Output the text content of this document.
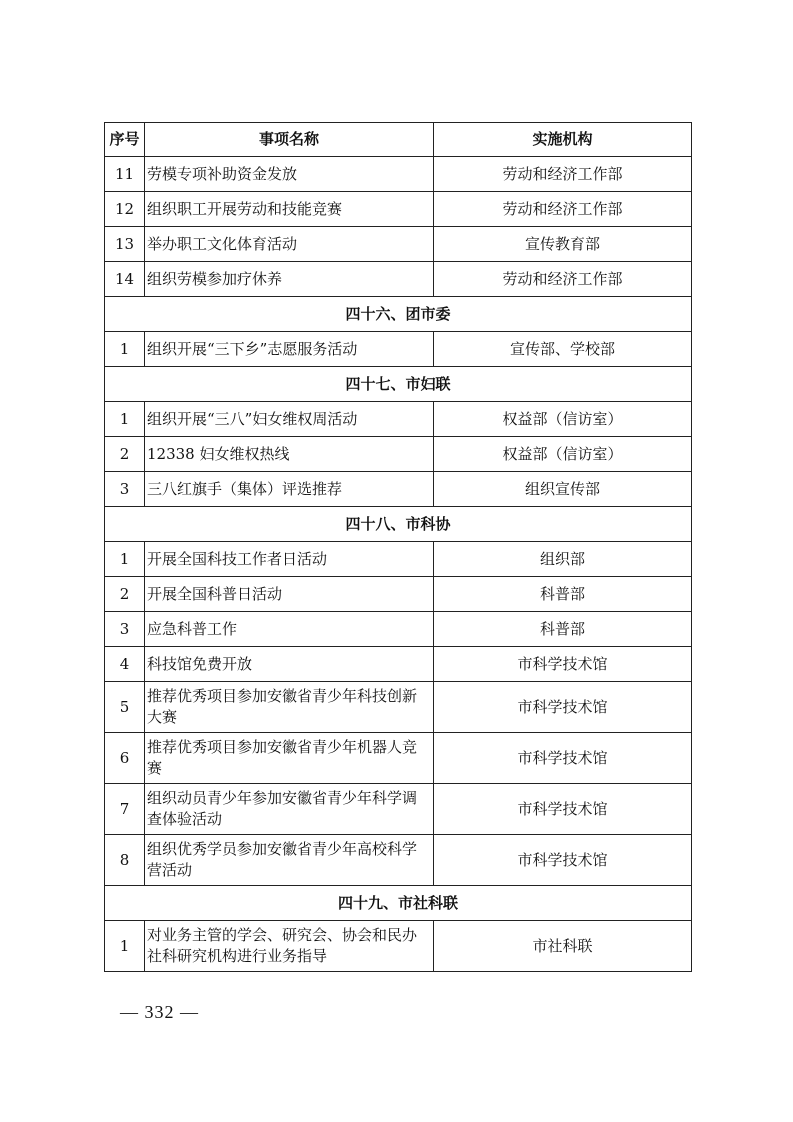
序号	事项名称	实施机构
11	劳模专项补助资金发放	劳动和经济工作部
12	组织职工开展劳动和技能竞赛	劳动和经济工作部
13	举办职工文化体育活动	宣传教育部
14	组织劳模参加疗休养	劳动和经济工作部
四十六、团市委		
1	组织开展“三下乡”志愿服务活动	宣传部、学校部
四十七、市妇联		
1	组织开展“三八”妇女维权周活动	权益部（信访室）
2	12338 妇女维权热线	权益部（信访室）
3	三八红旗手（集体）评选推荐	组织宣传部
四十八、市科协		
1	开展全国科技工作者日活动	组织部
2	开展全国科普日活动	科普部
3	应急科普工作	科普部
4	科技馆免费开放	市科学技术馆
5	推荐优秀项目参加安徽省青少年科技创新大赛	市科学技术馆
6	推荐优秀项目参加安徽省青少年机器人竞赛	市科学技术馆
7	组织动员青少年参加安徽省青少年科学调查体验活动	市科学技术馆
8	组织优秀学员参加安徽省青少年高校科学营活动	市科学技术馆
四十九、市社科联		
1	对业务主管的学会、研究会、协会和民办社科研究机构进行业务指导	市社科联
— 332 —
